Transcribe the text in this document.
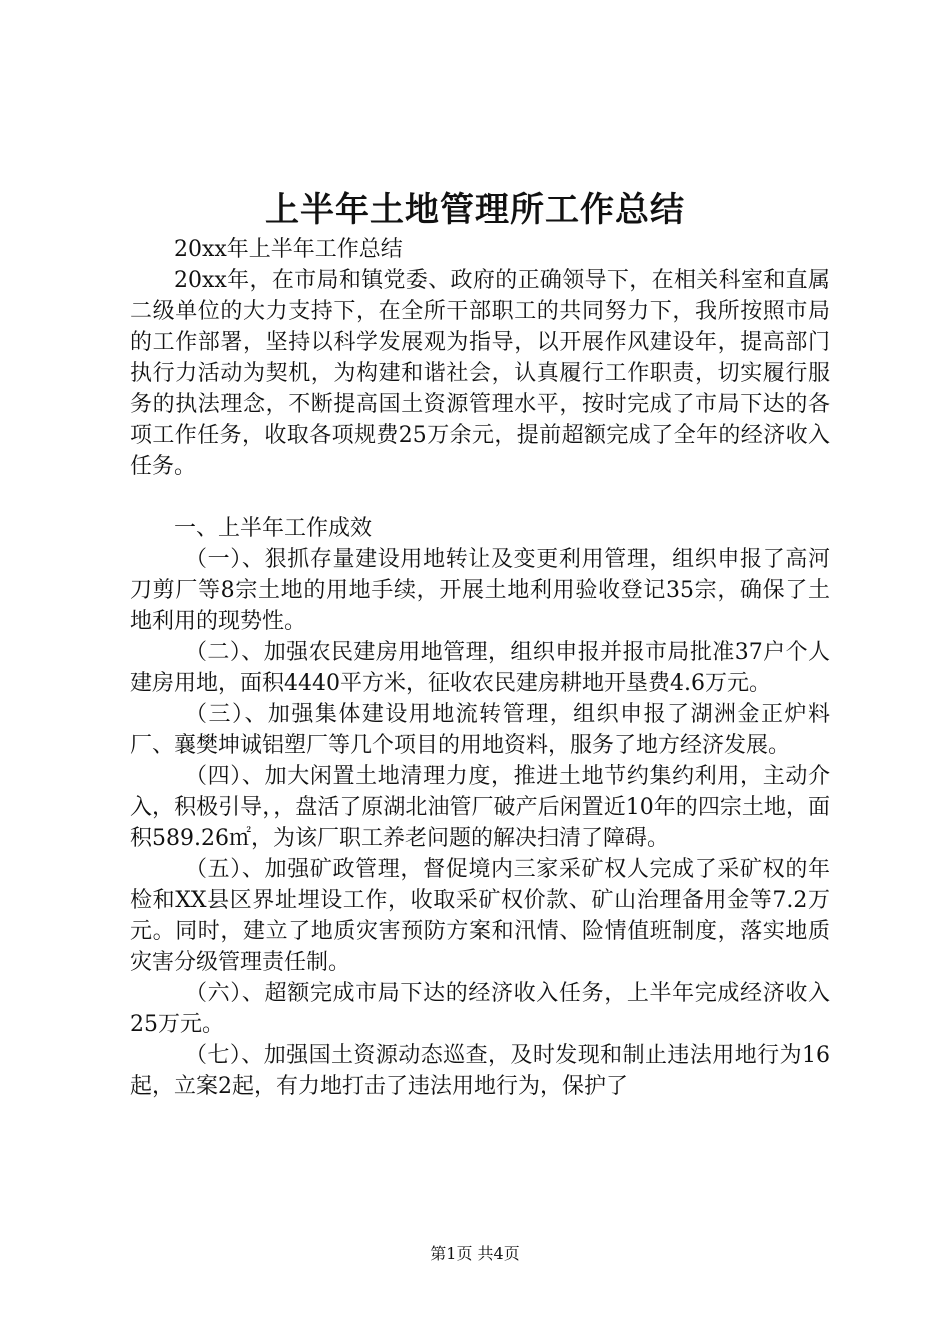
上半年土地管理所工作总结

20xx年上半年工作总结

20xx年，在市局和镇党委、政府的正确领导下，在相关科室和直属二级单位的大力支持下，在全所干部职工的共同努力下，我所按照市局的工作部署，坚持以科学发展观为指导，以开展作风建设年，提高部门执行力活动为契机，为构建和谐社会，认真履行工作职责，切实履行服务的执法理念，不断提高国土资源管理水平，按时完成了市局下达的各项工作任务，收取各项规费25万余元，提前超额完成了全年的经济收入任务。

一、上半年工作成效

（一）、狠抓存量建设用地转让及变更利用管理，组织申报了高河刀剪厂等8宗土地的用地手续，开展土地利用验收登记35宗，确保了土地利用的现势性。

（二）、加强农民建房用地管理，组织申报并报市局批准37户个人建房用地，面积4440平方米，征收农民建房耕地开垦费4.6万元。

（三）、加强集体建设用地流转管理，组织申报了湖洲金正炉料厂、襄樊坤诚铝塑厂等几个项目的用地资料，服务了地方经济发展。

（四）、加大闲置土地清理力度，推进土地节约集约利用，主动介入，积极引导，，盘活了原湖北油管厂破产后闲置近10年的四宗土地，面积589.26㎡，为该厂职工养老问题的解决扫清了障碍。

（五）、加强矿政管理，督促境内三家采矿权人完成了采矿权的年检和XX县区界址埋设工作，收取采矿权价款、矿山治理备用金等7.2万元。同时，建立了地质灾害预防方案和汛情、险情值班制度，落实地质灾害分级管理责任制。

（六）、超额完成市局下达的经济收入任务，上半年完成经济收入25万元。

（七）、加强国土资源动态巡查，及时发现和制止违法用地行为16起，立案2起，有力地打击了违法用地行为，保护了

第1页 共4页
